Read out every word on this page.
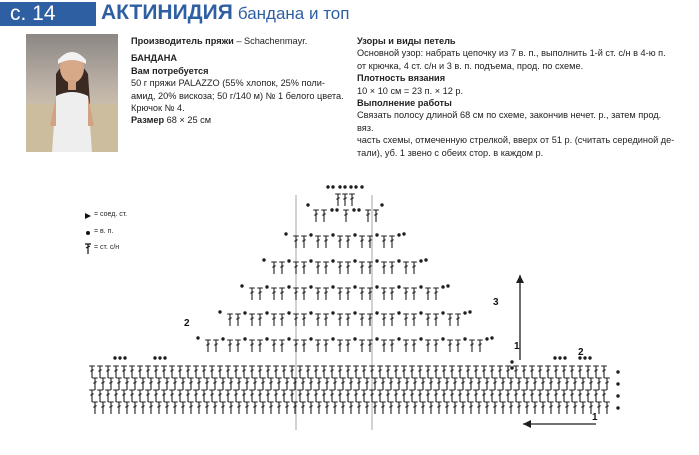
с. 14	АКТИНИДИЯ бандана и топ

Производитель пряжи – Schachenmayr.

БАНДАНА

Вам потребуется

50 г пряжи PALAZZO (55% хлопок, 25% поли-

амид, 20% вискоза; 50 г/140 м) № 1 белого цвета.

Крючок № 4.

Размер 68 × 25 см

Узоры и виды петель

Основной узор: набрать цепочку из 7 в. п., выполнить 1-й ст. с/н в 4-ю п.

от крючка, 4 ст. с/н и 3 в. п. подъема, прод. по схеме.

Плотность вязания

10 × 10 см = 23 п. × 12 р.

Выполнение работы

Связать полосу длиной 68 см по схеме, закончив нечет. р., затем прод. вяз.

часть схемы, отмеченную стрелкой, вверх от 51 р. (считать серединой де-

тали), уб. 1 звено с обеих стор. в каждом р.

= соед. ст.
= в. п.
= ст. с/н
2
3
1
2
1
